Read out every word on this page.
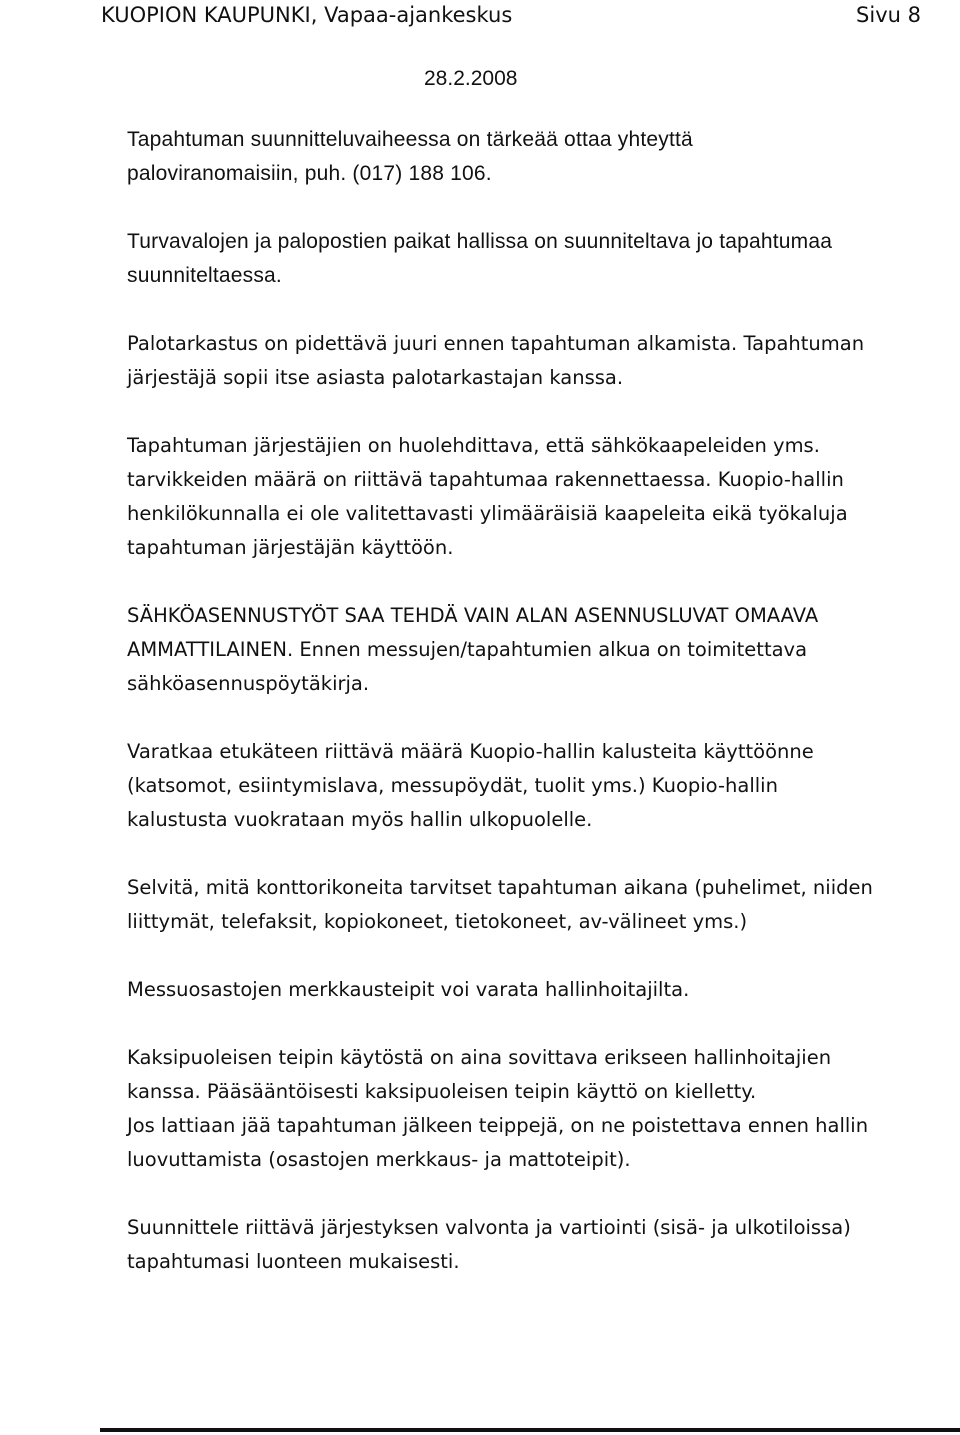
KUOPION KAUPUNKI, Vapaa-ajankeskus	Sivu 8
28.2.2008

Tapahtuman suunnitteluvaiheessa on tärkeää ottaa yhteyttä
paloviranomaisiin, puh. (017) 188 106.

Turvavalojen ja palopostien paikat hallissa on suunniteltava jo tapahtumaa
suunniteltaessa.

Palotarkastus on pidettävä juuri ennen tapahtuman alkamista. Tapahtuman
järjestäjä sopii itse asiasta palotarkastajan kanssa.

Tapahtuman järjestäjien on huolehdittava, että sähkökaapeleiden yms.
tarvikkeiden määrä on riittävä tapahtumaa rakennettaessa. Kuopio-hallin
henkilökunnalla ei ole valitettavasti ylimääräisiä kaapeleita eikä työkaluja
tapahtuman järjestäjän käyttöön.

SÄHKÖASENNUSTYÖT SAA TEHDÄ VAIN ALAN ASENNUSLUVAT OMAAVA
AMMATTILAINEN. Ennen messujen/tapahtumien alkua on toimitettava
sähköasennuspöytäkirja.

Varatkaa etukäteen riittävä määrä Kuopio-hallin kalusteita käyttöönne
(katsomot, esiintymislava, messupöydät, tuolit yms.) Kuopio-hallin
kalustusta vuokrataan myös hallin ulkopuolelle.

Selvitä, mitä konttorikoneita tarvitset tapahtuman aikana (puhelimet, niiden
liittymät, telefaksit, kopiokoneet, tietokoneet, av-välineet yms.)

Messuosastojen merkkausteipit voi varata hallinhoitajilta.

Kaksipuoleisen teipin käytöstä on aina sovittava erikseen hallinhoitajien
kanssa. Pääsääntöisesti kaksipuoleisen teipin käyttö on kielletty.

Jos lattiaan jää tapahtuman jälkeen teippejä, on ne poistettava ennen hallin
luovuttamista (osastojen merkkaus- ja mattoteipit).

Suunnittele riittävä järjestyksen valvonta ja vartiointi (sisä- ja ulkotiloissa)
tapahtumasi luonteen mukaisesti.
